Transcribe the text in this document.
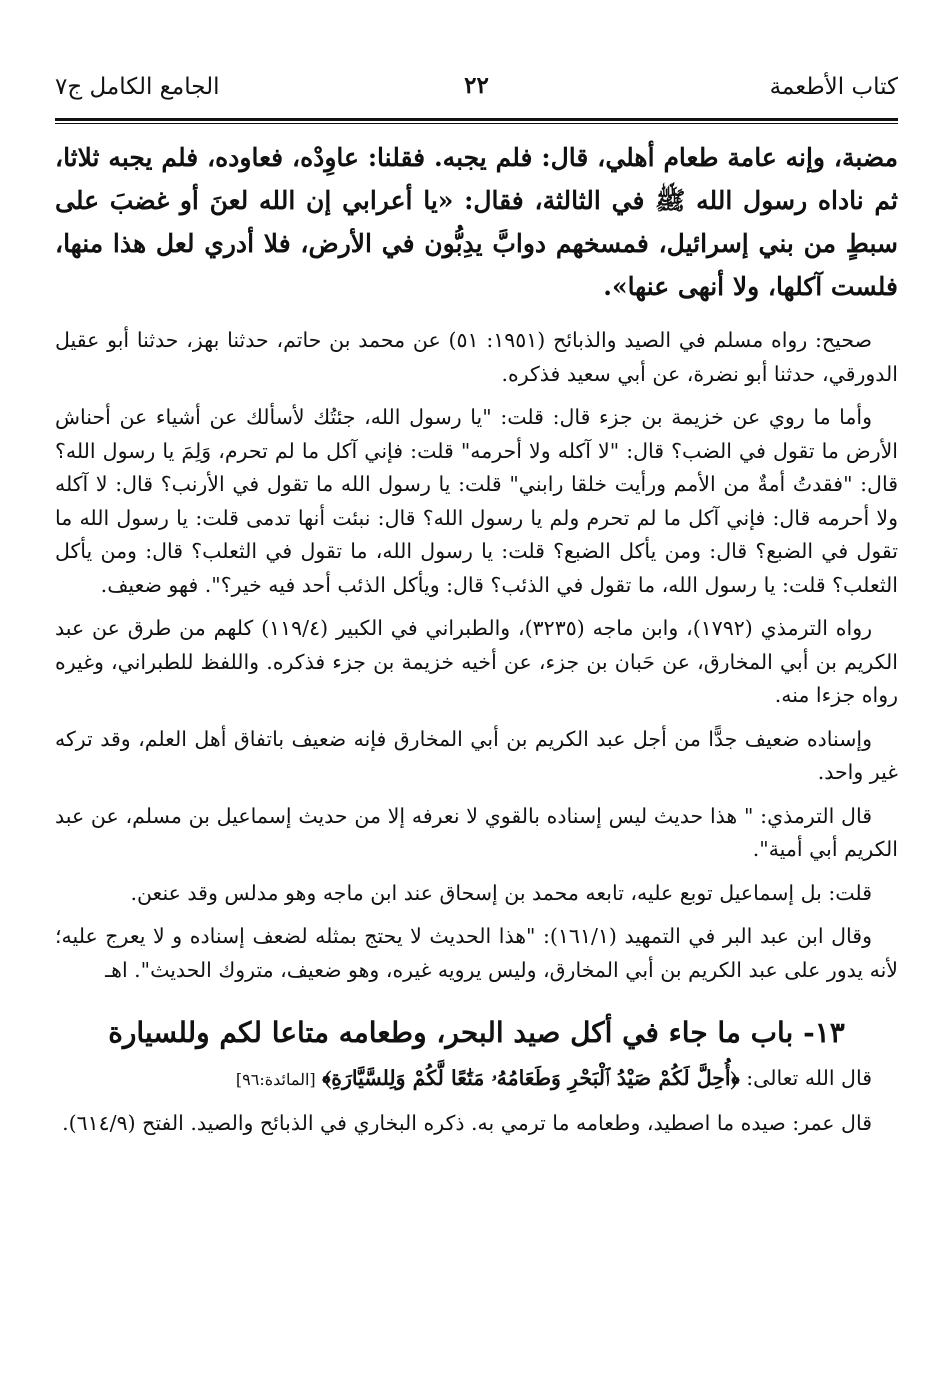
كتاب الأطعمة
٢٢
الجامع الكامل ج٧
مضبة، وإنه عامة طعام أهلي، قال: فلم يجبه. فقلنا: عاوِدْه، فعاوده، فلم يجبه ثلاثا، ثم ناداه رسول الله ﷺ في الثالثة، فقال: «يا أعرابي إن الله لعنَ أو غضبَ على سبطٍ من بني إسرائيل، فمسخهم دوابَّ يدِبُّون في الأرض، فلا أدري لعل هذا منها، فلست آكلها، ولا أنهى عنها».
صحيح: رواه مسلم في الصيد والذبائح (١٩٥١: ٥١) عن محمد بن حاتم، حدثنا بهز، حدثنا أبو عقيل الدورقي، حدثنا أبو نضرة، عن أبي سعيد فذكره.
وأما ما روي عن خزيمة بن جزء قال: قلت: "يا رسول الله، جئتُك لأسألك عن أشياء عن أحناش الأرض ما تقول في الضب؟ قال: "لا آكله ولا أحرمه" قلت: فإني آكل ما لم تحرم، وَلِمَ يا رسول الله؟ قال: "فقدتُ أمةٌ من الأمم ورأيت خلقا رابني" قلت: يا رسول الله ما تقول في الأرنب؟ قال: لا آكله ولا أحرمه قال: فإني آكل ما لم تحرم ولم يا رسول الله؟ قال: نبئت أنها تدمى قلت: يا رسول الله ما تقول في الضبع؟ قال: ومن يأكل الضبع؟ قلت: يا رسول الله، ما تقول في الثعلب؟ قال: ومن يأكل الثعلب؟ قلت: يا رسول الله، ما تقول في الذئب؟ قال: ويأكل الذئب أحد فيه خير؟". فهو ضعيف.
رواه الترمذي (١٧٩٢)، وابن ماجه (٣٢٣٥)، والطبراني في الكبير (١١٩/٤) كلهم من طرق عن عبد الكريم بن أبي المخارق، عن حَبان بن جزء، عن أخيه خزيمة بن جزء فذكره. واللفظ للطبراني، وغيره رواه جزءا منه.
وإسناده ضعيف جدًّا من أجل عبد الكريم بن أبي المخارق فإنه ضعيف باتفاق أهل العلم، وقد تركه غير واحد.
قال الترمذي: " هذا حديث ليس إسناده بالقوي لا نعرفه إلا من حديث إسماعيل بن مسلم، عن عبد الكريم أبي أمية".
قلت: بل إسماعيل توبع عليه، تابعه محمد بن إسحاق عند ابن ماجه وهو مدلس وقد عنعن.
وقال ابن عبد البر في التمهيد (١٦١/١): "هذا الحديث لا يحتج بمثله لضعف إسناده و لا يعرج عليه؛ لأنه يدور على عبد الكريم بن أبي المخارق، وليس يرويه غيره، وهو ضعيف، متروك الحديث". اهـ
١٣- باب ما جاء في أكل صيد البحر، وطعامه متاعا لكم وللسيارة
قال الله تعالى: ﴿أُحِلَّ لَكُمْ صَيْدُ ٱلْبَحْرِ وَطَعَامُهُۥ مَتَٰعًا لَّكُمْ وَلِلسَّيَّارَةِ﴾ [المائدة:٩٦]
قال عمر: صيده ما اصطيد، وطعامه ما ترمي به. ذكره البخاري في الذبائح والصيد. الفتح (٦١٤/٩).
